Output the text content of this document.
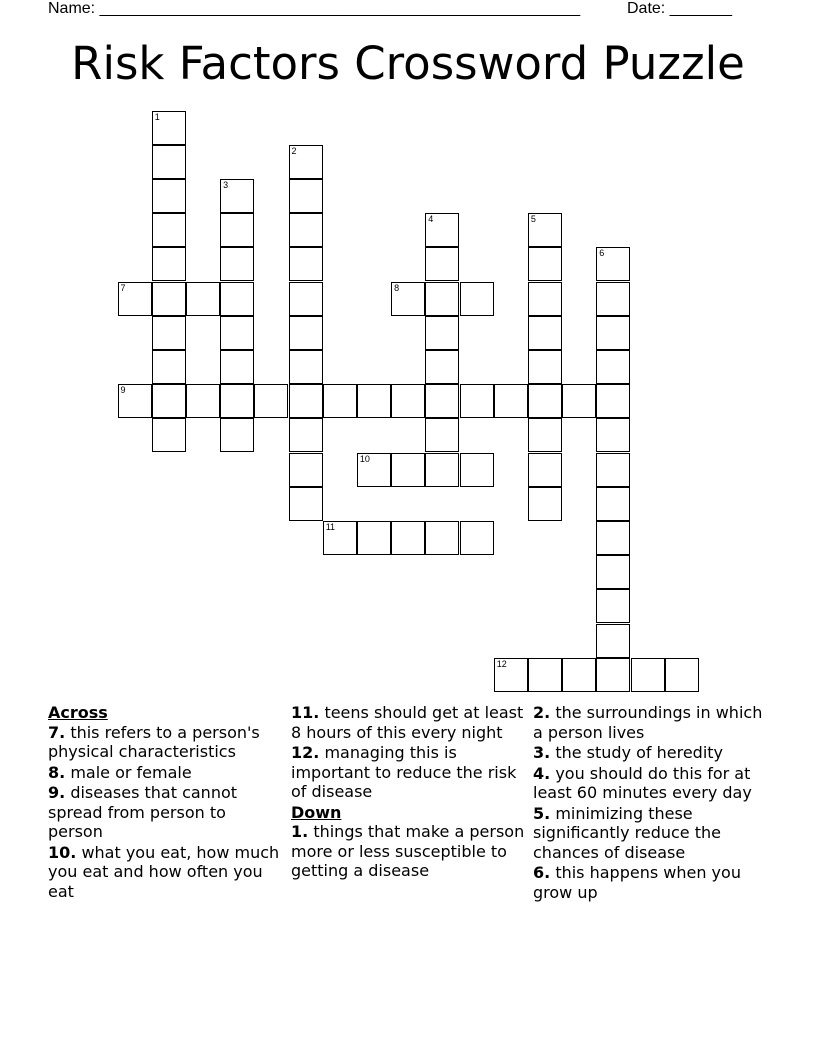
Name: ______________________________________________________	Date: _______
Risk Factors Crossword Puzzle
1
2
3
4	5
6
7	8
9
10
11
12
Across
7. this refers to a person's physical characteristics
8. male or female
9. diseases that cannot spread from person to person
10. what you eat, how much you eat and how often you eat
11. teens should get at least 8 hours of this every night
12. managing this is important to reduce the risk of disease
Down
1. things that make a person more or less susceptible to getting a disease
2. the surroundings in which a person lives
3. the study of heredity
4. you should do this for at least 60 minutes every day
5. minimizing these significantly reduce the chances of disease
6. this happens when you grow up
